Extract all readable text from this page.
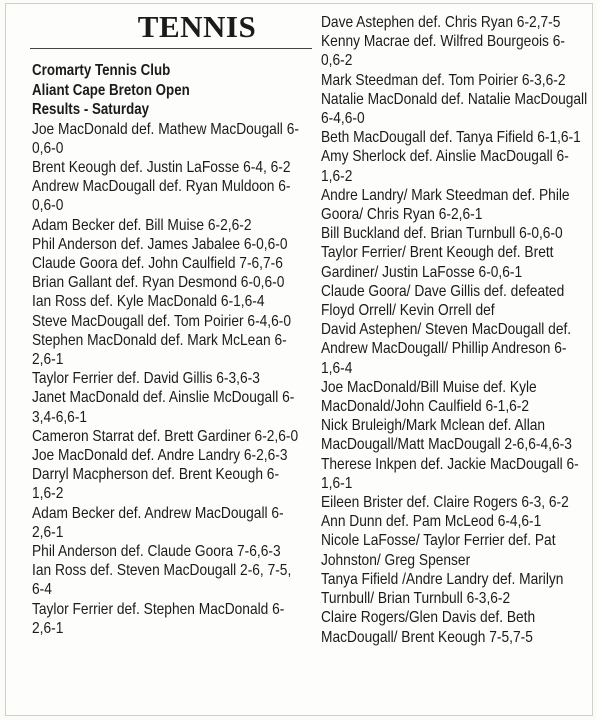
TENNIS
Cromarty Tennis Club
Aliant Cape Breton Open
Results - Saturday
Joe MacDonald def. Mathew MacDougall 6-
0,6-0
Brent Keough def. Justin LaFosse 6-4, 6-2
Andrew MacDougall def. Ryan Muldoon 6-
0,6-0
Adam Becker def. Bill Muise 6-2,6-2
Phil Anderson def. James Jabalee 6-0,6-0
Claude Goora def. John Caulfield 7-6,7-6
Brian Gallant def. Ryan Desmond 6-0,6-0
Ian Ross def. Kyle MacDonald 6-1,6-4
Steve MacDougall def. Tom Poirier 6-4,6-0
Stephen MacDonald def. Mark McLean 6-
2,6-1
Taylor Ferrier def. David Gillis 6-3,6-3
Janet MacDonald def. Ainslie McDougall 6-
3,4-6,6-1
Cameron Starrat def. Brett Gardiner 6-2,6-0
Joe MacDonald def. Andre Landry 6-2,6-3
Darryl Macpherson def. Brent Keough 6-
1,6-2
Adam Becker def. Andrew MacDougall 6-
2,6-1
Phil Anderson def. Claude Goora 7-6,6-3
Ian Ross def. Steven MacDougall 2-6, 7-5,
6-4
Taylor Ferrier def. Stephen MacDonald 6-
2,6-1
Dave Astephen def. Chris Ryan 6-2,7-5
Kenny Macrae def. Wilfred Bourgeois 6-
0,6-2
Mark Steedman def. Tom Poirier 6-3,6-2
Natalie MacDonald def. Natalie MacDougall
6-4,6-0
Beth MacDougall def. Tanya Fifield 6-1,6-1
Amy Sherlock def. Ainslie MacDougall 6-
1,6-2
Andre Landry/ Mark Steedman def. Phile
Goora/ Chris Ryan 6-2,6-1
Bill Buckland def. Brian Turnbull 6-0,6-0
Taylor Ferrier/ Brent Keough def. Brett
Gardiner/ Justin LaFosse 6-0,6-1
Claude Goora/ Dave Gillis def. defeated
Floyd Orrell/ Kevin Orrell def
David Astephen/ Steven MacDougall def.
Andrew MacDougall/ Phillip Andreson 6-
1,6-4
Joe MacDonald/Bill Muise def. Kyle
MacDonald/John Caulfield 6-1,6-2
Nick Bruleigh/Mark Mclean def. Allan
MacDougall/Matt MacDougall 2-6,6-4,6-3
Therese Inkpen def. Jackie MacDougall 6-
1,6-1
Eileen Brister def. Claire Rogers 6-3, 6-2
Ann Dunn def. Pam McLeod 6-4,6-1
Nicole LaFosse/ Taylor Ferrier def. Pat
Johnston/ Greg Spenser
Tanya Fifield /Andre Landry def. Marilyn
Turnbull/ Brian Turnbull 6-3,6-2
Claire Rogers/Glen Davis def. Beth
MacDougall/ Brent Keough 7-5,7-5
